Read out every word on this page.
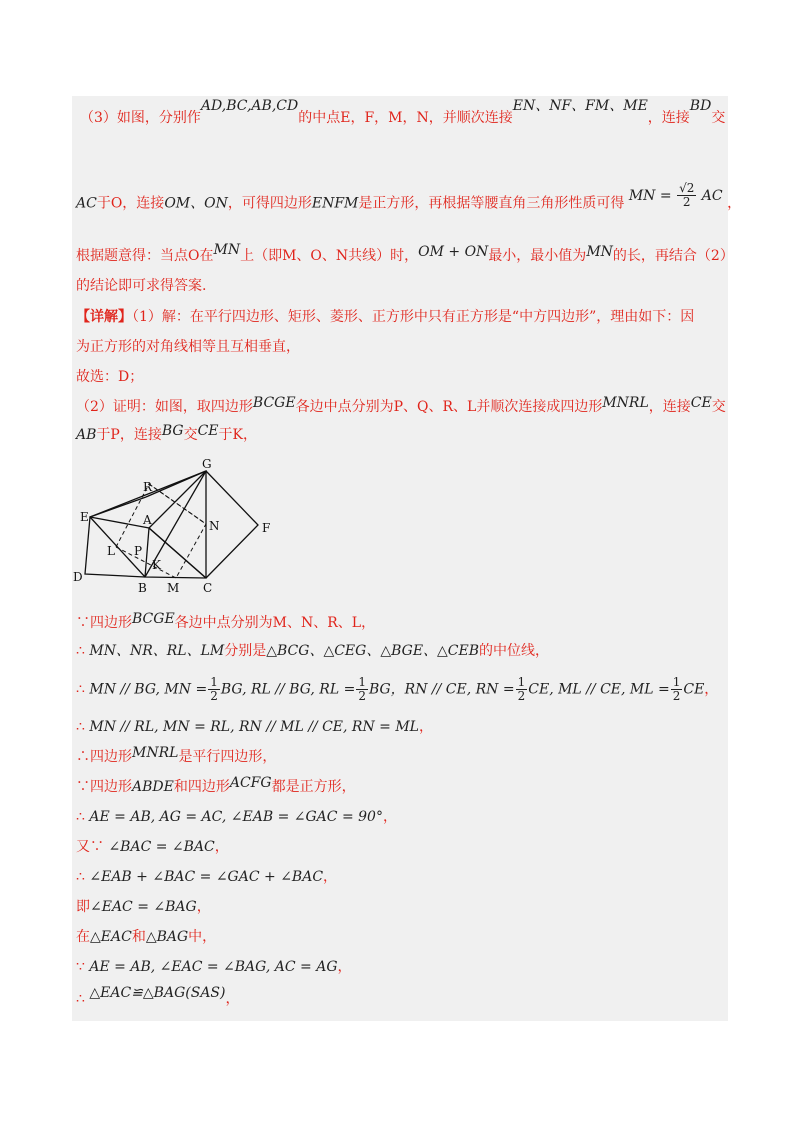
（3）如图，分别作AD,BC,AB,CD的中点E，F，M，N，并顺次连接EN、NF、FM、ME，连接BD交
AC于O，连接OM、ON，可得四边形ENFM是正方形，再根据等腰直角三角形性质可得 MN = $\frac{√2}{2}$ AC ，
根据题意得：当点O在MN上（即M、O、N共线）时，OM + ON最小，最小值为MN的长，再结合（2）
的结论即可求得答案.
【详解】（1）解：在平行四边形、矩形、菱形、正方形中只有正方形是“中方四边形”，理由如下：因
为正方形的对角线相等且互相垂直，
故选：D；
（2）证明：如图，取四边形BCGE各边中点分别为P、Q、R、L并顺次连接成四边形MNRL，连接CE交
AB于P，连接BG交CE于K，
G
R
E	A	N	F
L P
K
D
B M C
∵四边形BCGE各边中点分别为M、N、R、L，
∴ MN、NR、RL、LM分别是△BCG、△CEG、△BGE、△CEB的中位线，
∴ MN // BG, MN = $\frac{1}{2}$ BG, RL // BG, RL = $\frac{1}{2}$ BG，RN // CE, RN = $\frac{1}{2}$ CE, ML // CE, ML = $\frac{1}{2}$ CE，
∴ MN // RL, MN = RL, RN // ML // CE, RN = ML，
∴四边形MNRL是平行四边形，
∵四边形ABDE和四边形ACFG都是正方形，
∴ AE = AB, AG = AC, ∠EAB = ∠GAC = 90°，
又∵ ∠BAC = ∠BAC，
∴ ∠EAB + ∠BAC = ∠GAC + ∠BAC，
即∠EAC = ∠BAG，
在△EAC和△BAG中，
∵ AE = AB, ∠EAC = ∠BAG, AC = AG，
∴ △EAC≌△BAG(SAS)，
